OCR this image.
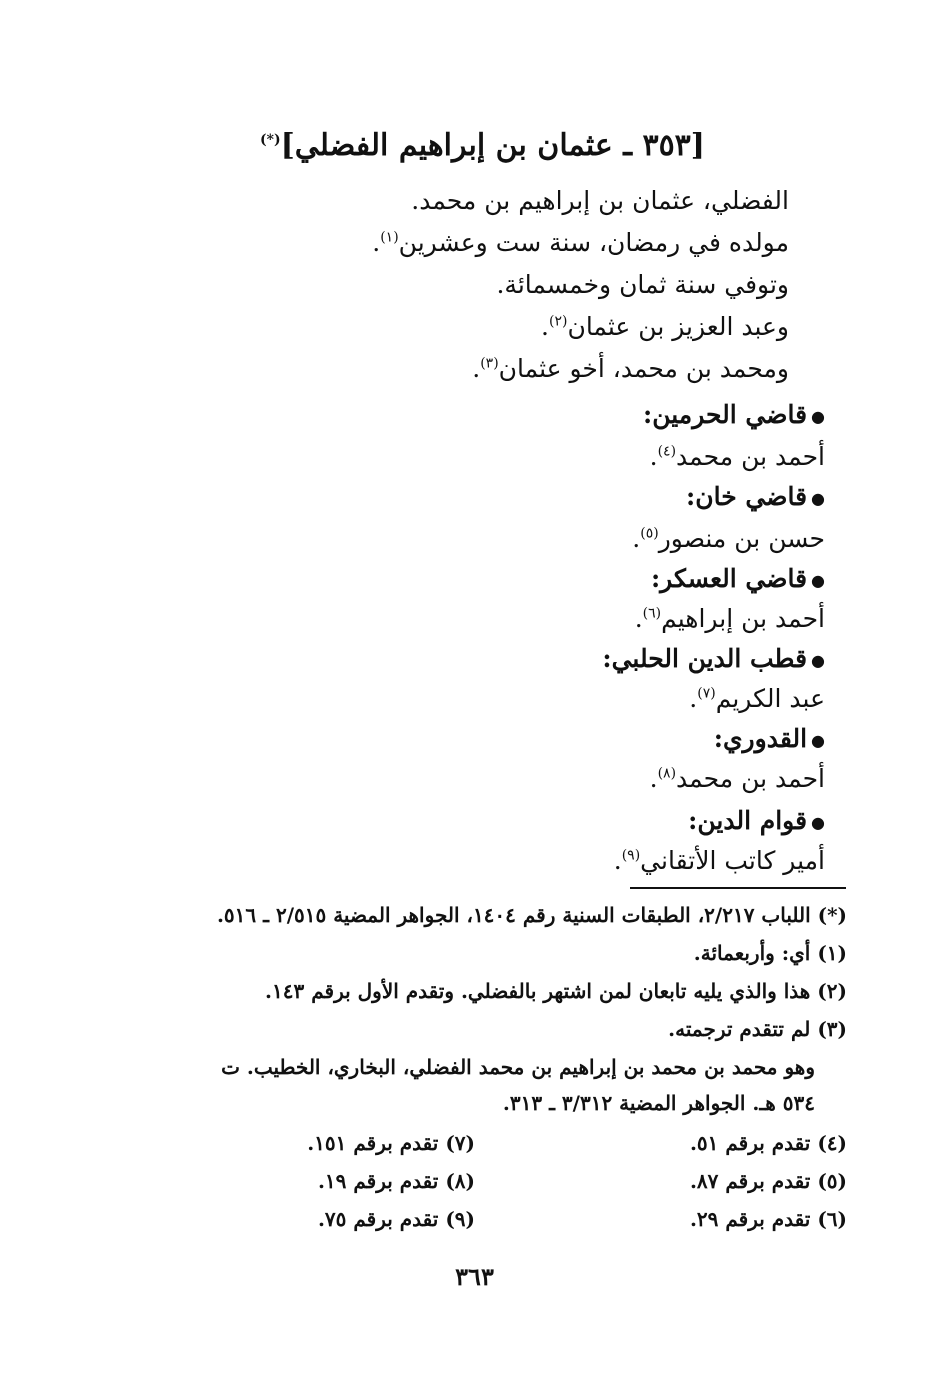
[٣٥٣ ـ عثمان بن إبراهيم الفضلي](*)
الفضلي، عثمان بن إبراهيم بن محمد.
مولده في رمضان، سنة ست وعشرين$^{(١)}$.
وتوفي سنة ثمان وخمسمائة.
وعبد العزيز بن عثمان$^{(٢)}$.
ومحمد بن محمد، أخو عثمان$^{(٣)}$.
●قاضي الحرمين:
أحمد بن محمد$^{(٤)}$.
●قاضي خان:
حسن بن منصور$^{(٥)}$.
●قاضي العسكر:
أحمد بن إبراهيم$^{(٦)}$.
●قطب الدين الحلبي:
عبد الكريم$^{(٧)}$.
●القدوري:
أحمد بن محمد$^{(٨)}$.
●قوام الدين:
أمير كاتب الأتقاني$^{(٩)}$.
(*) اللباب ٢/٢١٧، الطبقات السنية رقم ١٤٠٤، الجواهر المضية ٢/٥١٥ ـ ٥١٦.
(١) أي: وأربعمائة.
(٢) هذا والذي يليه تابعان لمن اشتهر بالفضلي. وتقدم الأول برقم ١٤٣.
(٣) لم تتقدم ترجمته.
وهو محمد بن محمد بن إبراهيم بن محمد الفضلي، البخاري، الخطيب. ت
٥٣٤ هـ. الجواهر المضية ٣/٣١٢ ـ ٣١٣.
(٤) تقدم برقم ٥١.
(٧) تقدم برقم ١٥١.
(٥) تقدم برقم ٨٧.
(٨) تقدم برقم ١٩.
(٦) تقدم برقم ٢٩.
(٩) تقدم برقم ٧٥.
٣٦٣
